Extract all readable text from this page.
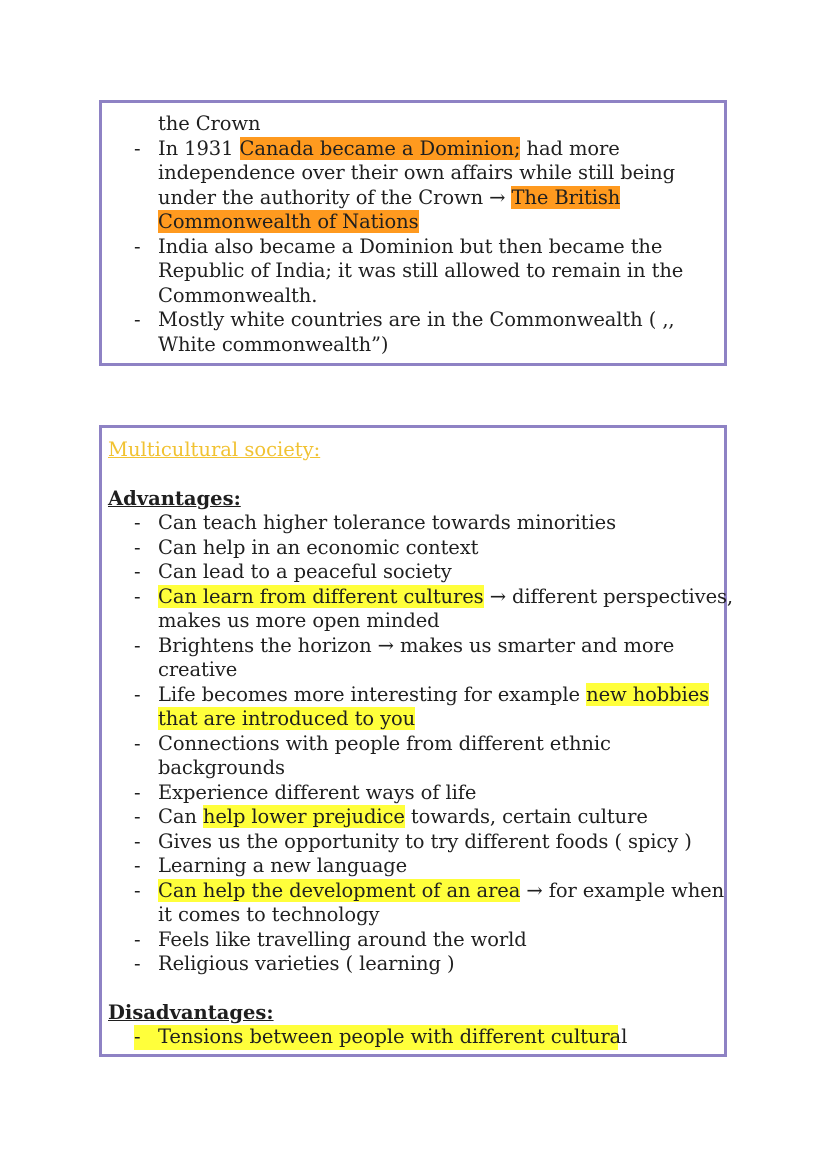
the Crown
- In 1931 Canada became a Dominion; had more
independence over their own affairs while still being
under the authority of the Crown → The British
Commonwealth of Nations
- India also became a Dominion but then became the
Republic of India; it was still allowed to remain in the
Commonwealth.
- Mostly white countries are in the Commonwealth ( ,,
White commonwealth”)
Multicultural society:
Advantages:
- Can teach higher tolerance towards minorities
- Can help in an economic context
- Can lead to a peaceful society
- Can learn from different cultures → different perspectives,
makes us more open minded
- Brightens the horizon → makes us smarter and more
creative
- Life becomes more interesting for example new hobbies
that are introduced to you
- Connections with people from different ethnic
backgrounds
- Experience different ways of life
- Can help lower prejudice towards, certain culture
- Gives us the opportunity to try different foods ( spicy )
- Learning a new language
- Can help the development of an area → for example when
it comes to technology
- Feels like travelling around the world
- Religious varieties ( learning )
Disadvantages:
- Tensions between people with different cultural
